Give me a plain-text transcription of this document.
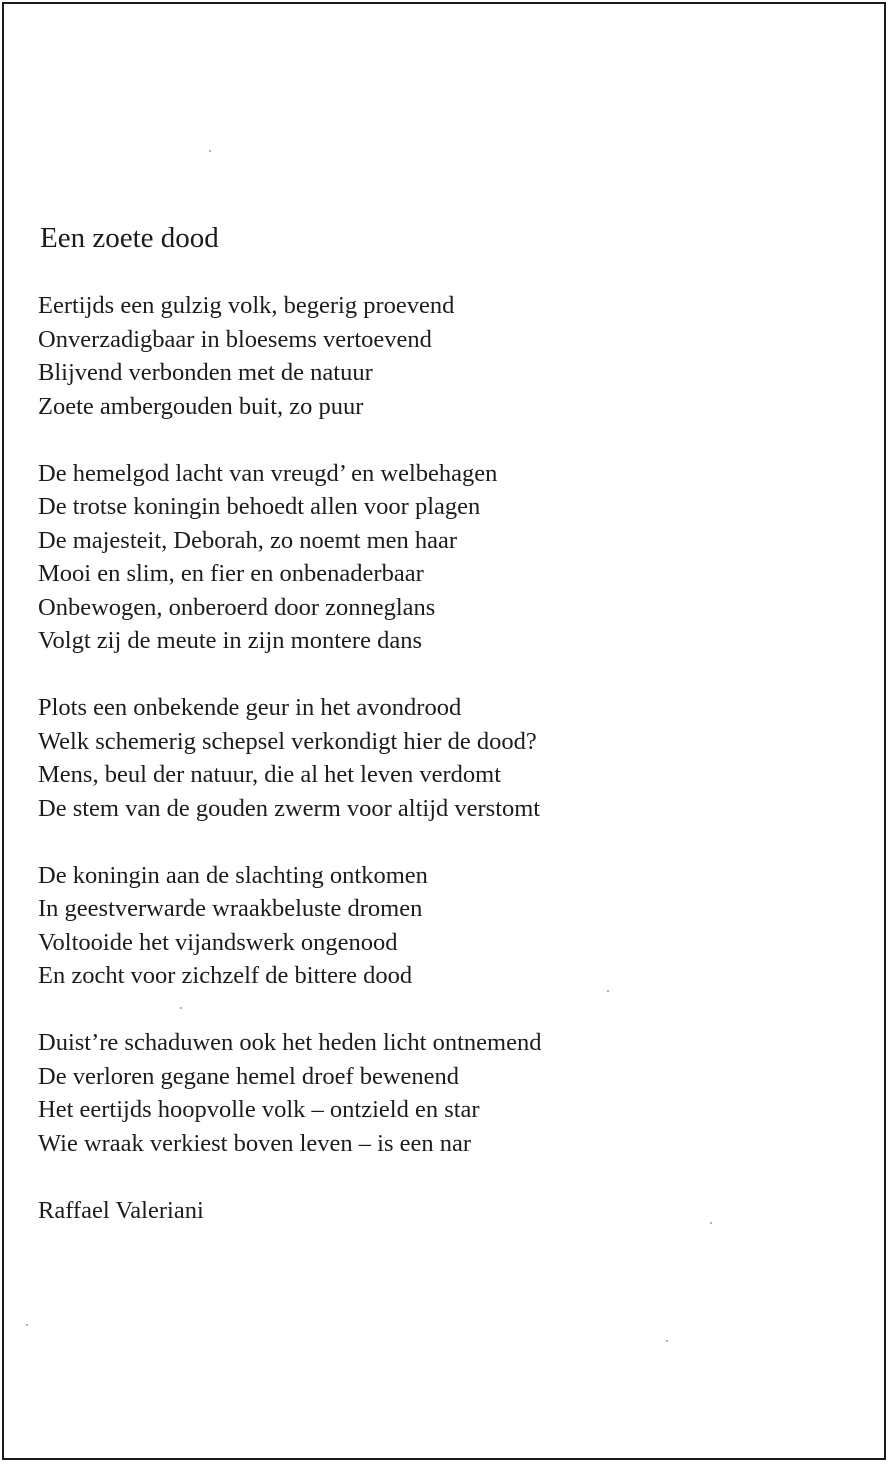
Een zoete dood
Eertijds een gulzig volk, begerig proevend
Onverzadigbaar in bloesems vertoevend
Blijvend verbonden met de natuur
Zoete ambergouden buit, zo puur
De hemelgod lacht van vreugd’ en welbehagen
De trotse koningin behoedt allen voor plagen
De majesteit, Deborah, zo noemt men haar
Mooi en slim, en fier en onbenaderbaar
Onbewogen, onberoerd door zonneglans
Volgt zij de meute in zijn montere dans
Plots een onbekende geur in het avondrood
Welk schemerig schepsel verkondigt hier de dood?
Mens, beul der natuur, die al het leven verdomt
De stem van de gouden zwerm voor altijd verstomt
De koningin aan de slachting ontkomen
In geestverwarde wraakbeluste dromen
Voltooide het vijandswerk ongenood
En zocht voor zichzelf de bittere dood
Duist’re schaduwen ook het heden licht ontnemend
De verloren gegane hemel droef bewenend
Het eertijds hoopvolle volk – ontzield en star
Wie wraak verkiest boven leven – is een nar
Raffael Valeriani
